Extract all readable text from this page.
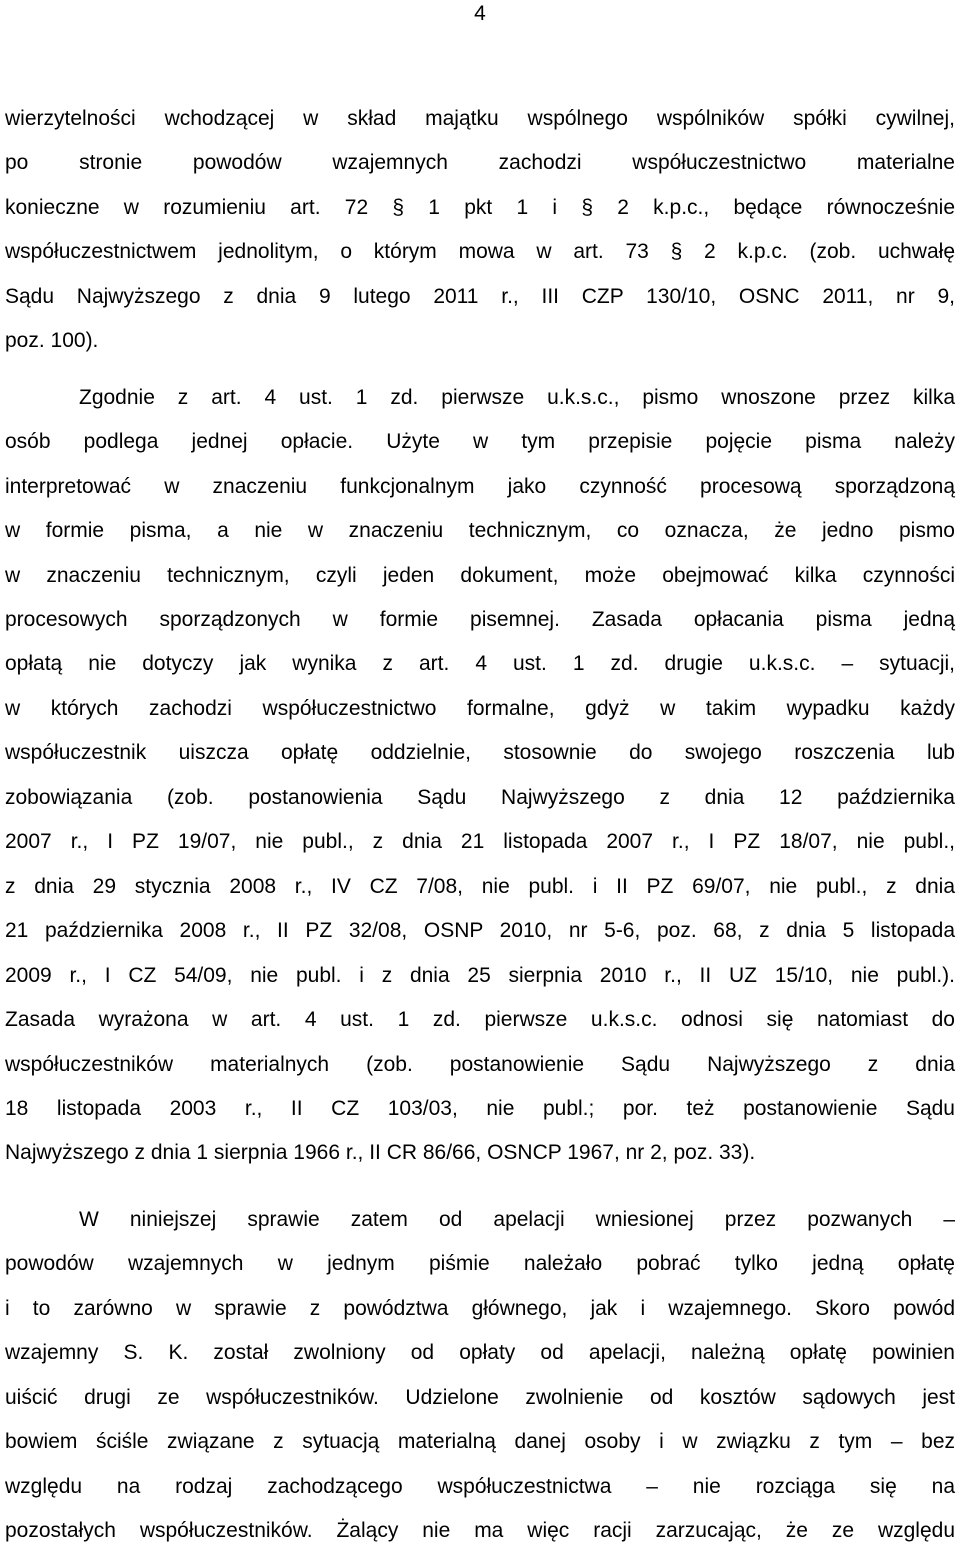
4
wierzytelności wchodzącej w skład majątku wspólnego wspólników spółki cywilnej,
po stronie powodów wzajemnych zachodzi współuczestnictwo materialne
konieczne w rozumieniu art. 72 § 1 pkt 1 i § 2 k.p.c., będące równocześnie
współuczestnictwem jednolitym, o którym mowa w art. 73 § 2 k.p.c. (zob. uchwałę
Sądu Najwyższego z dnia 9 lutego 2011 r., III CZP 130/10, OSNC 2011, nr 9,
poz. 100).
Zgodnie z art. 4 ust. 1 zd. pierwsze u.k.s.c., pismo wnoszone przez kilka
osób podlega jednej opłacie. Użyte w tym przepisie pojęcie pisma należy
interpretować w znaczeniu funkcjonalnym jako czynność procesową sporządzoną
w formie pisma, a nie w znaczeniu technicznym, co oznacza, że jedno pismo
w znaczeniu technicznym, czyli jeden dokument, może obejmować kilka czynności
procesowych sporządzonych w formie pisemnej. Zasada opłacania pisma jedną
opłatą nie dotyczy jak wynika z art. 4 ust. 1 zd. drugie u.k.s.c. – sytuacji,
w których zachodzi współuczestnictwo formalne, gdyż w takim wypadku każdy
współuczestnik uiszcza opłatę oddzielnie, stosownie do swojego roszczenia lub
zobowiązania (zob. postanowienia Sądu Najwyższego z dnia 12 października
2007 r., I PZ 19/07, nie publ., z dnia 21 listopada 2007 r., I PZ 18/07, nie publ.,
z dnia 29 stycznia 2008 r., IV CZ 7/08, nie publ. i II PZ 69/07, nie publ., z dnia
21 października 2008 r., II PZ 32/08, OSNP 2010, nr 5-6, poz. 68, z dnia 5 listopada
2009 r., I CZ 54/09, nie publ. i z dnia 25 sierpnia 2010 r., II UZ 15/10, nie publ.).
Zasada wyrażona w art. 4 ust. 1 zd. pierwsze u.k.s.c. odnosi się natomiast do
współuczestników materialnych (zob. postanowienie Sądu Najwyższego z dnia
18 listopada 2003 r., II CZ 103/03, nie publ.; por. też postanowienie Sądu
Najwyższego z dnia 1 sierpnia 1966 r., II CR 86/66, OSNCP 1967, nr 2, poz. 33).
W niniejszej sprawie zatem od apelacji wniesionej przez pozwanych –
powodów wzajemnych w jednym piśmie należało pobrać tylko jedną opłatę
i to zarówno w sprawie z powództwa głównego, jak i wzajemnego. Skoro powód
wzajemny S. K. został zwolniony od opłaty od apelacji, należną opłatę powinien
uiścić drugi ze współuczestników. Udzielone zwolnienie od kosztów sądowych jest
bowiem ściśle związane z sytuacją materialną danej osoby i w związku z tym – bez
względu na rodzaj zachodzącego współuczestnictwa – nie rozciąga się na
pozostałych współuczestników. Żalący nie ma więc racji zarzucając, że ze względu
